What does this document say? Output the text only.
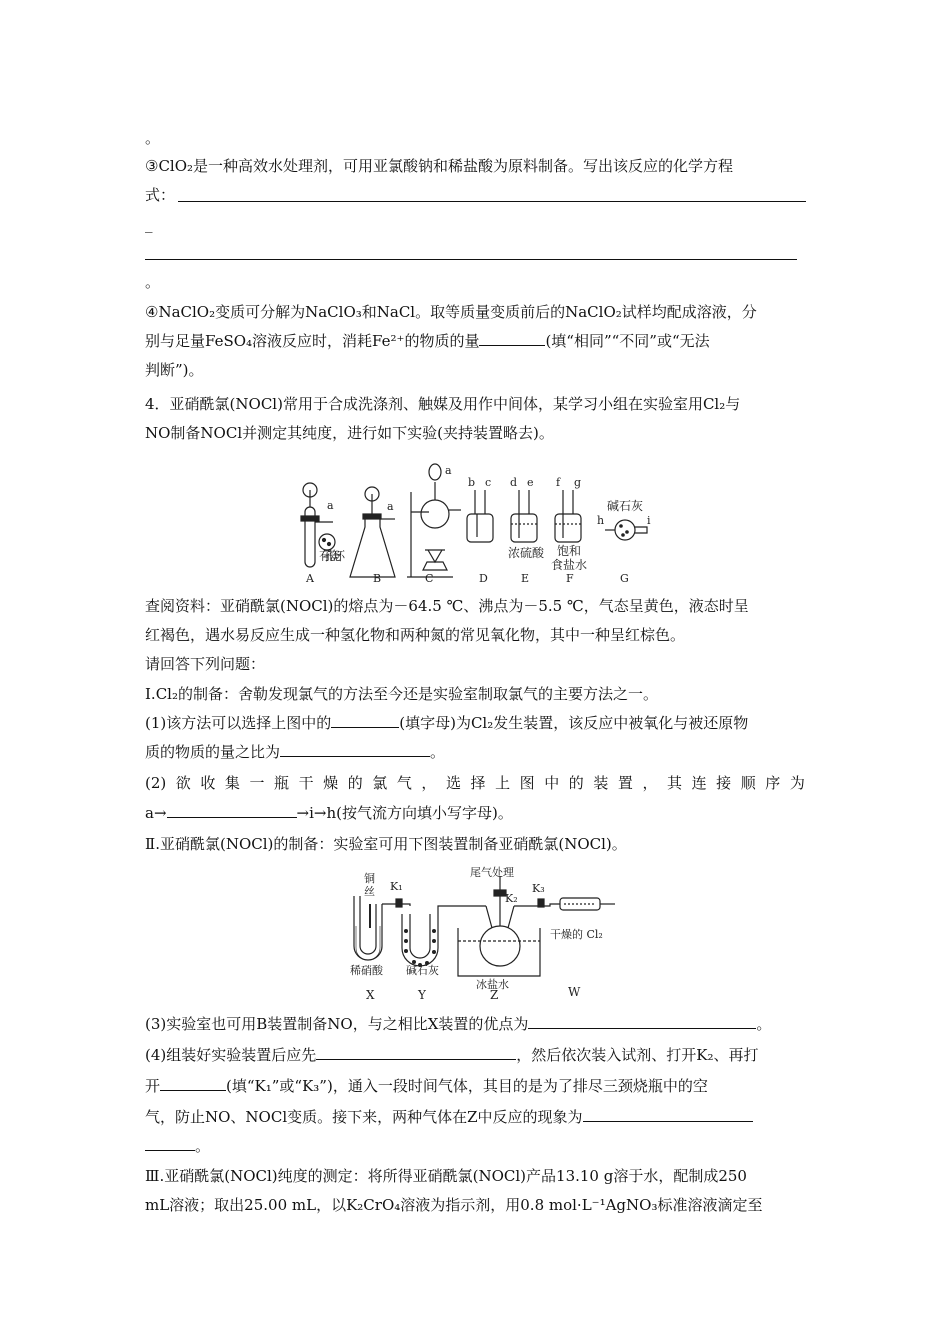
。
③ClO₂是一种高效水处理剂，可用亚氯酸钠和稀盐酸为原料制备。写出该反应的化学方程
式：
_
。
④NaClO₂变质可分解为NaClO₃和NaCl。取等质量变质前后的NaClO₂试样均配成溶液，分
别与足量FeSO₄溶液反应时，消耗Fe²⁺的物质的量	(填“相同”“不同”或“无法
判断”)。
4．亚硝酰氯(NOCl)常用于合成洗涤剂、触媒及用作中间体，某学习小组在实验室用Cl₂与
NO制备NOCl并测定其纯度，进行如下实验(夹持装置略去)。
a	a
a
b c d e f g
h	i
有孔瓷环	浓硫酸 饱和
食盐水
碱石灰
A	B	C	D	E	F	G
查阅资料：亚硝酰氯(NOCl)的熔点为－64.5 ℃、沸点为－5.5 ℃，气态呈黄色，液态时呈
红褐色，遇水易反应生成一种氢化物和两种氮的常见氧化物，其中一种呈红棕色。
请回答下列问题：
Ⅰ.Cl₂的制备：舍勒发现氯气的方法至今还是实验室制取氯气的主要方法之一。
(1)该方法可以选择上图中的	(填字母)为Cl₂发生装置，该反应中被氧化与被还原物
质的物质的量之比为	。
(2) 欲 收 集 一 瓶 干 燥 的 氯 气 ， 选 择 上 图 中 的 装 置 ， 其 连 接 顺 序 为
a→	→i→h(按气流方向填小写字母)。
Ⅱ.亚硝酰氯(NOCl)的制备：实验室可用下图装置制备亚硝酰氯(NOCl)。
铜
丝 K₁
尾气处理
K₂
K₃
干燥的 Cl₂
稀硝酸 碱石灰
冰盐水
X	Y	Z	W
(3)实验室也可用B装置制备NO，与之相比X装置的优点为	。
(4)组装好实验装置后应先	，然后依次装入试剂、打开K₂、再打
开	(填“K₁”或“K₃”)，通入一段时间气体，其目的是为了排尽三颈烧瓶中的空
气，防止NO、NOCl变质。接下来，两种气体在Z中反应的现象为
。
Ⅲ.亚硝酰氯(NOCl)纯度的测定：将所得亚硝酰氯(NOCl)产品13.10 g溶于水，配制成250
mL溶液；取出25.00 mL，以K₂CrO₄溶液为指示剂，用0.8 mol·L⁻¹AgNO₃标准溶液滴定至
